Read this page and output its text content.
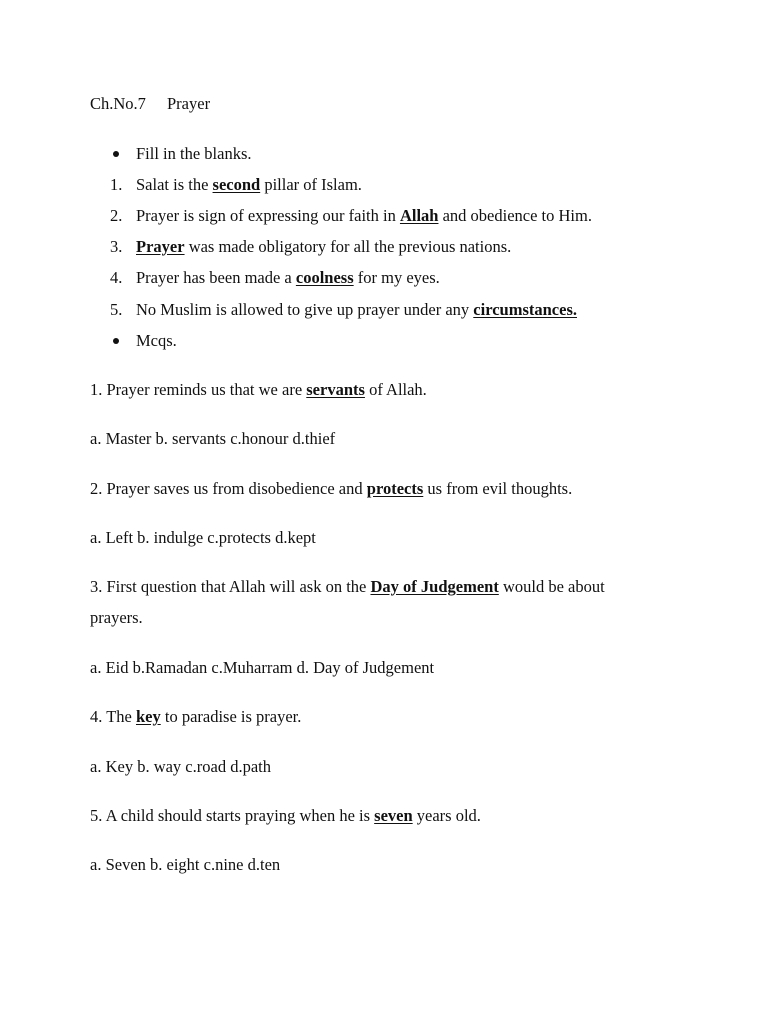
Ch.No.7 Prayer
Fill in the blanks.
1. Salat is the second pillar of Islam.
2. Prayer is sign of expressing our faith in Allah and obedience to Him.
3. Prayer was made obligatory for all the previous nations.
4. Prayer has been made a coolness for my eyes.
5. No Muslim is allowed to give up prayer under any circumstances.
Mcqs.
1. Prayer reminds us that we are servants of Allah.
a. Master b. servants c.honour d.thief
2. Prayer saves us from disobedience and protects us from evil thoughts.
a. Left b. indulge c.protects d.kept
3. First question that Allah will ask on the Day of Judgement would be about
prayers.
a. Eid b.Ramadan c.Muharram d. Day of Judgement
4. The key to paradise is prayer.
a. Key b. way c.road d.path
5. A child should starts praying when he is seven years old.
a. Seven b. eight c.nine d.ten
